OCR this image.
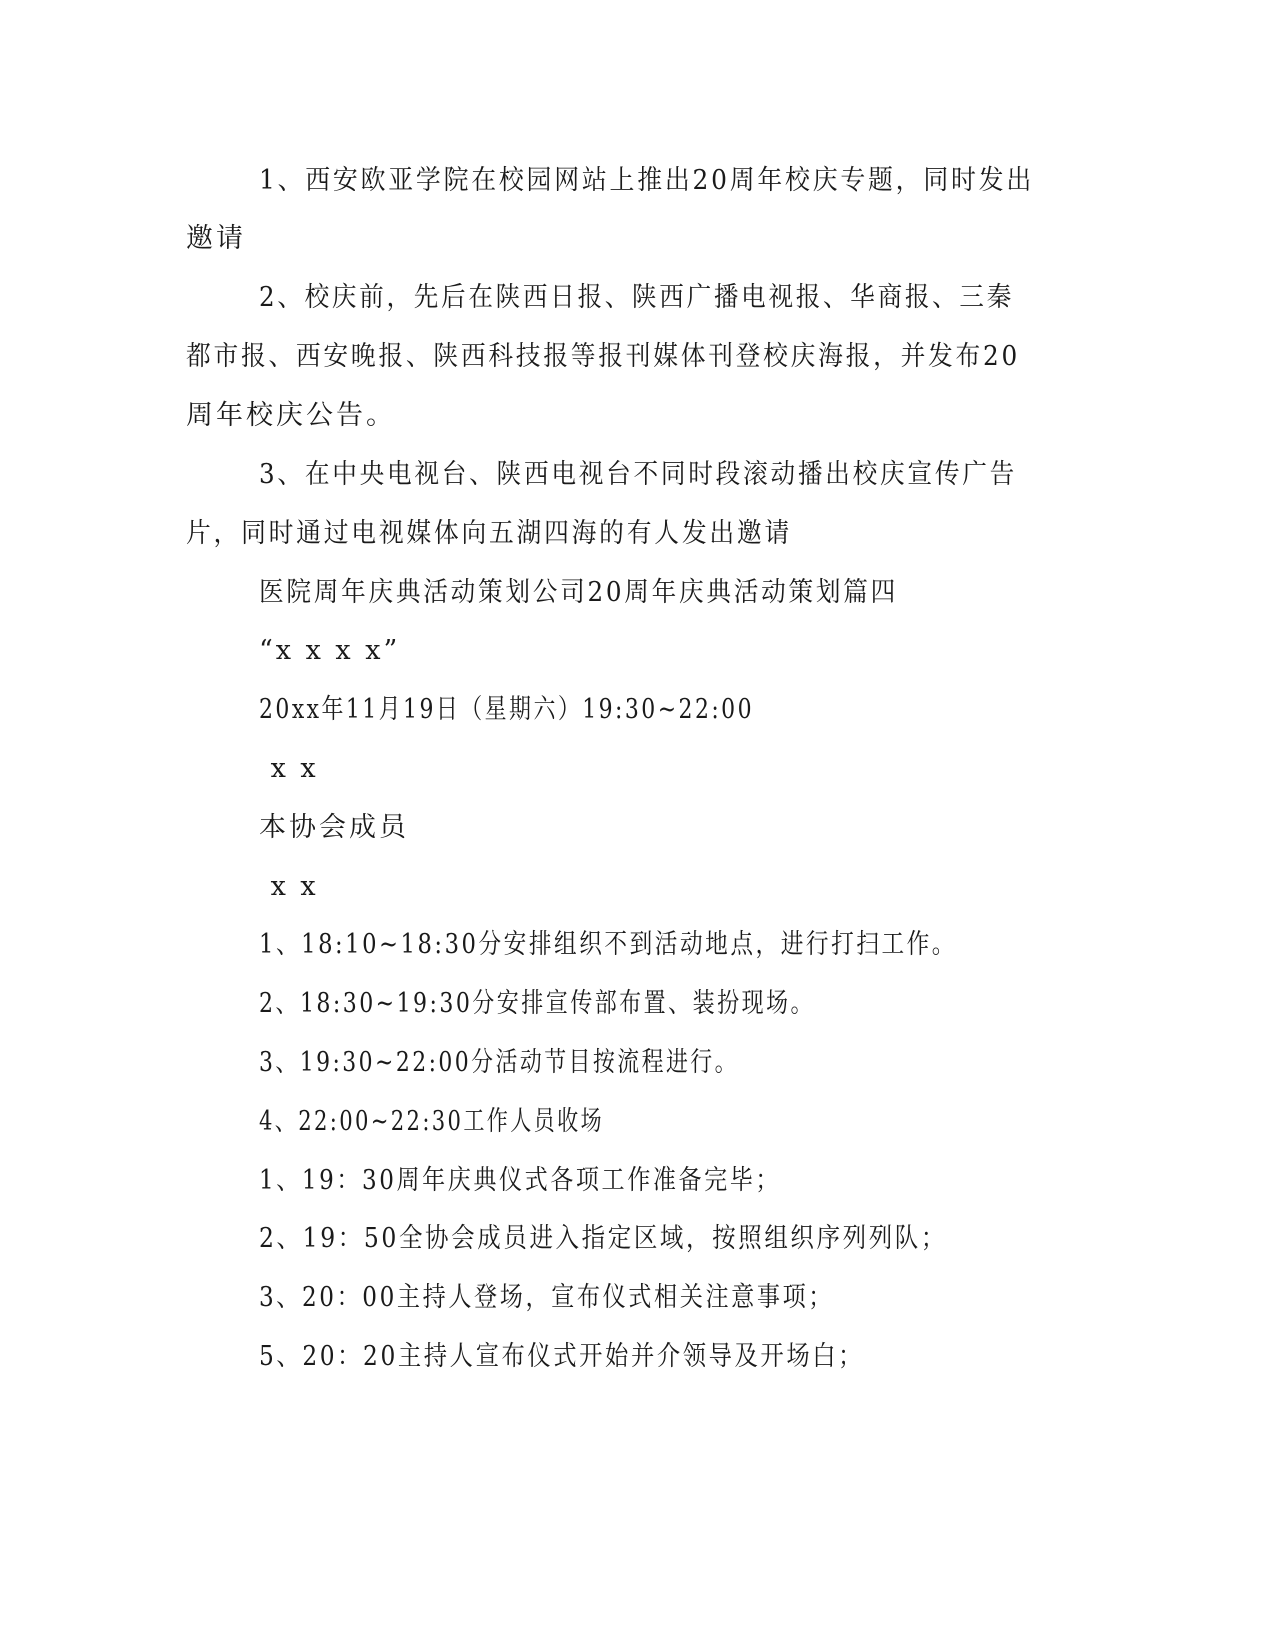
1、西安欧亚学院在校园网站上推出20周年校庆专题，同时发出
邀请
2、校庆前，先后在陕西日报、陕西广播电视报、华商报、三秦
都市报、西安晚报、陕西科技报等报刊媒体刊登校庆海报，并发布20
周年校庆公告。
3、在中央电视台、陕西电视台不同时段滚动播出校庆宣传广告
片，同时通过电视媒体向五湖四海的有人发出邀请
医院周年庆典活动策划公司20周年庆典活动策划篇四
“x x x x”
20xx年11月19日（星期六）19:30~22:00
x x
本协会成员
x x
1、18:10~18:30分安排组织不到活动地点，进行打扫工作。
2、18:30~19:30分安排宣传部布置、装扮现场。
3、19:30~22:00分活动节目按流程进行。
4、22:00~22:30工作人员收场
1、19：30周年庆典仪式各项工作准备完毕；
2、19：50全协会成员进入指定区域，按照组织序列列队；
3、20：00主持人登场，宣布仪式相关注意事项；
5、20：20主持人宣布仪式开始并介领导及开场白；
